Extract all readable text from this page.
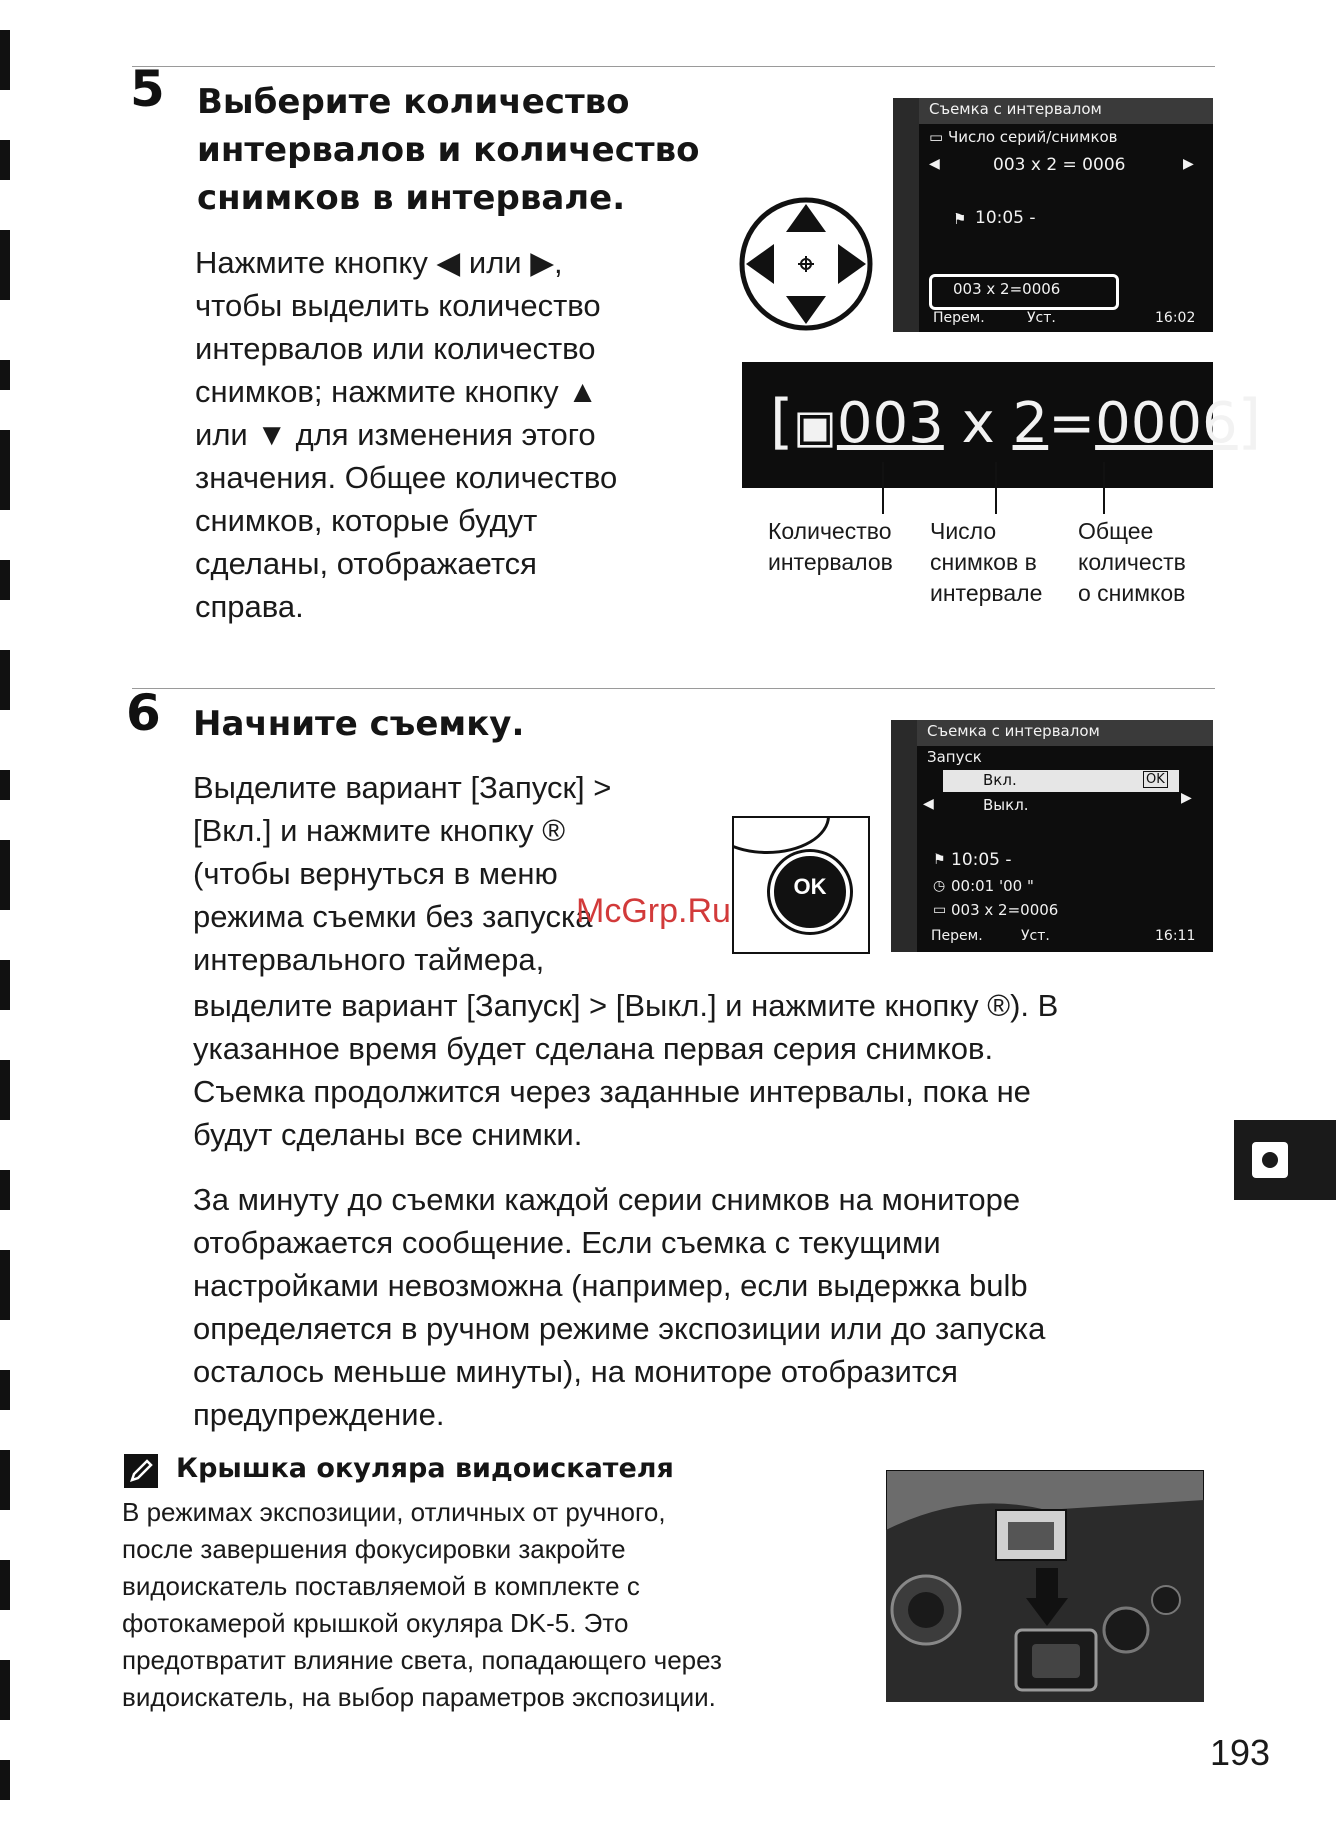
5 Выберите количество
интервалов и количество
снимков в интервале.
Нажмите кнопку ◀ или ▶,
чтобы выделить количество
интервалов или количество
снимков; нажмите кнопку ▲
или ▼ для изменения этого
значения. Общее количество
снимков, которые будут
сделаны, отображается
справа.
Съемка с интервалом
▭ Число серий/снимков
◀	003 x 2 = 0006	▶
⚑ 10:05 -
003 x 2=0006
Перем.	Уст.	16:02
[▣003 x 2=0006]
Количество
интервалов
Число
снимков в
интервале
Общее
количеств
о снимков
6 Начните съемку.
Выделите вариант [Запуск] >
[Вкл.] и нажмите кнопку ®
(чтобы вернуться в меню
режима съемки без запуска
интервального таймера,
OK
Съемка с интервалом
Запуск
Вкл.	OK
◀	Выкл.	▶
⚑ 10:05 -
◷ 00:01 '00 "
▭ 003 x 2=0006
Перем.	Уст.	16:11
выделите вариант [Запуск] > [Выкл.] и нажмите кнопку ®). В
указанное время будет сделана первая серия снимков.
Съемка продолжится через заданные интервалы, пока не
будут сделаны все снимки.
McGrp.Ru
За минуту до съемки каждой серии снимков на мониторе
отображается сообщение. Если съемка с текущими
настройками невозможна (например, если выдержка bulb
определяется в ручном режиме экспозиции или до запуска
осталось меньше минуты), на мониторе отобразится
предупреждение.
Крышка окуляра видоискателя
В режимах экспозиции, отличных от ручного,
после завершения фокусировки закройте
видоискатель поставляемой в комплекте с
фотокамерой крышкой окуляра DK-5. Это
предотвратит влияние света, попадающего через
видоискатель, на выбор параметров экспозиции.
193
